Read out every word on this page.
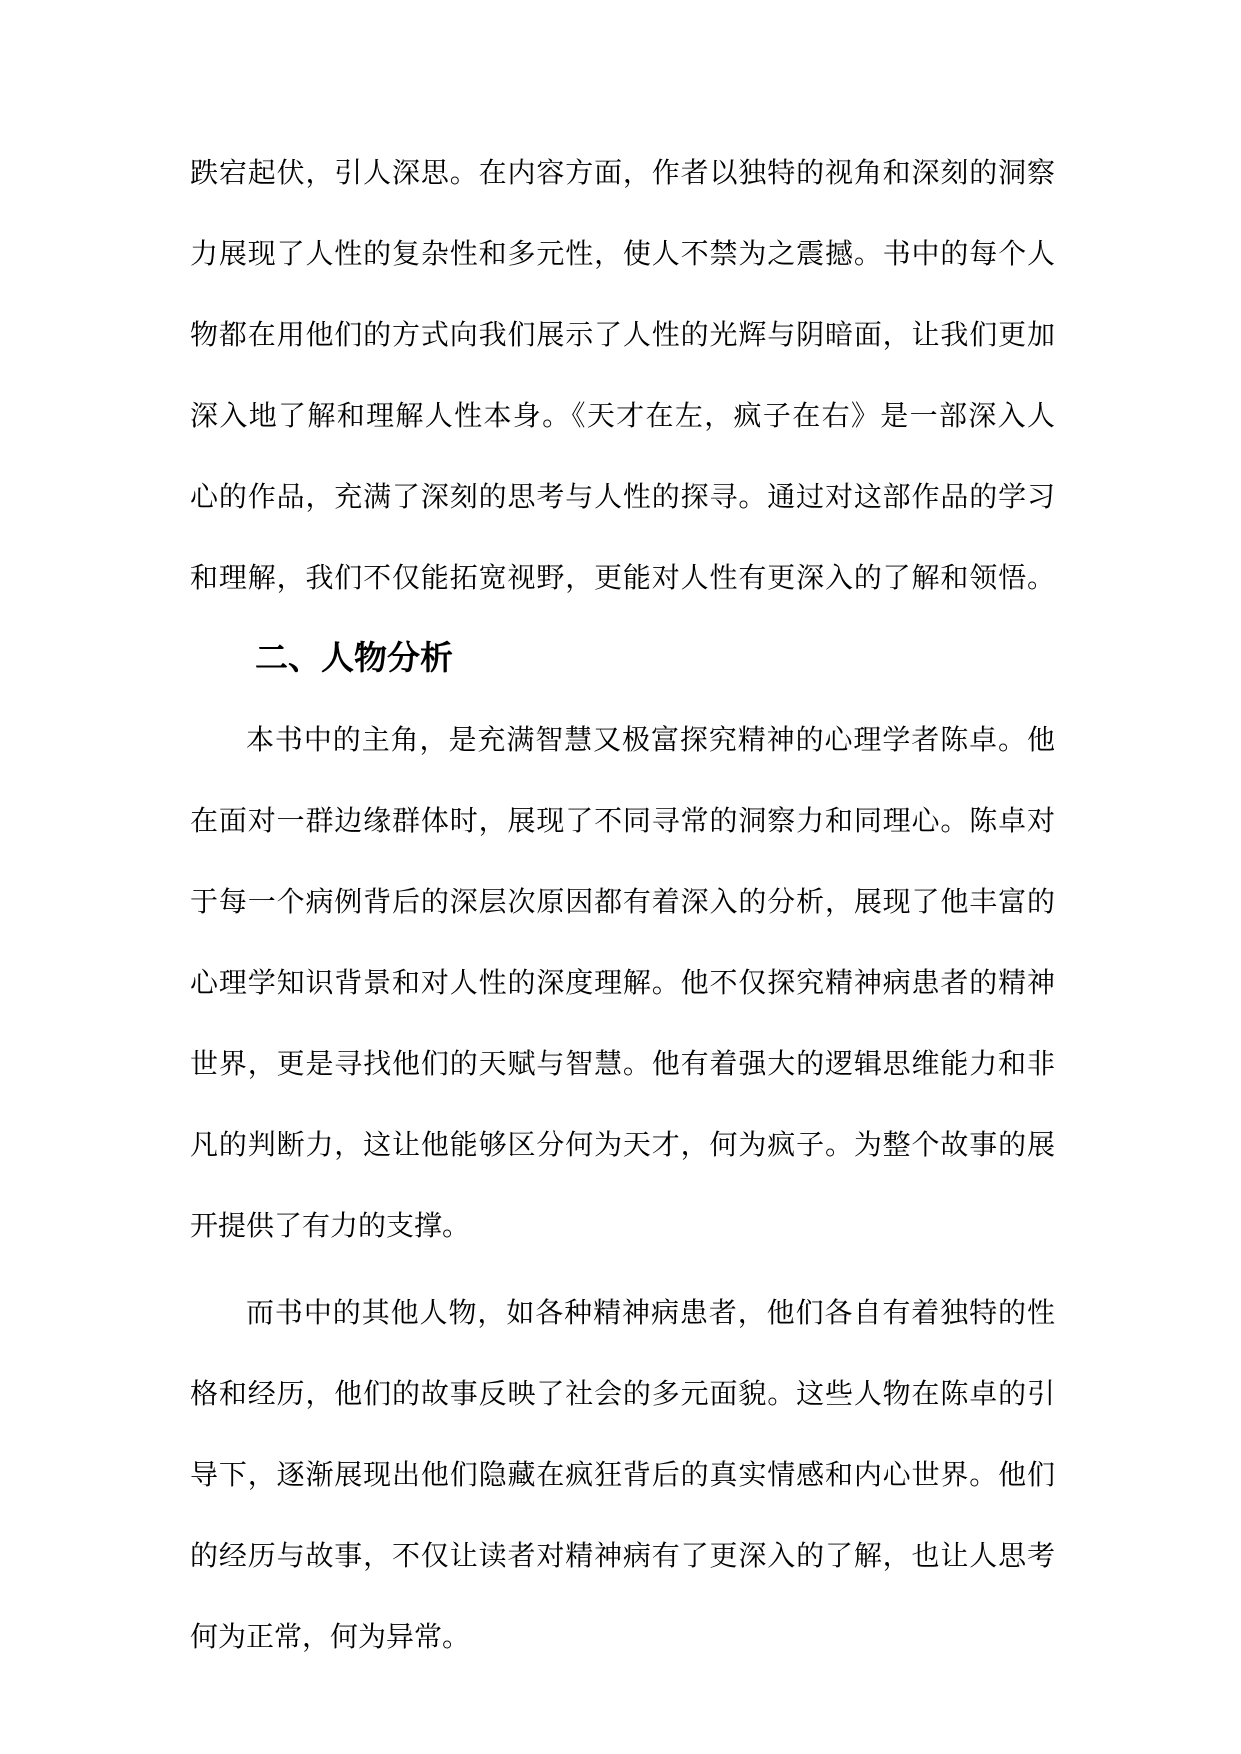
跌宕起伏，引人深思。在内容方面，作者以独特的视角和深刻的洞察
力展现了人性的复杂性和多元性，使人不禁为之震撼。书中的每个人
物都在用他们的方式向我们展示了人性的光辉与阴暗面，让我们更加
深入地了解和理解人性本身。《天才在左，疯子在右》是一部深入人
心的作品，充满了深刻的思考与人性的探寻。通过对这部作品的学习
和理解，我们不仅能拓宽视野，更能对人性有更深入的了解和领悟。
二、人物分析
本书中的主角，是充满智慧又极富探究精神的心理学者陈卓。他
在面对一群边缘群体时，展现了不同寻常的洞察力和同理心。陈卓对
于每一个病例背后的深层次原因都有着深入的分析，展现了他丰富的
心理学知识背景和对人性的深度理解。他不仅探究精神病患者的精神
世界，更是寻找他们的天赋与智慧。他有着强大的逻辑思维能力和非
凡的判断力，这让他能够区分何为天才，何为疯子。为整个故事的展
开提供了有力的支撑。
而书中的其他人物，如各种精神病患者，他们各自有着独特的性
格和经历，他们的故事反映了社会的多元面貌。这些人物在陈卓的引
导下，逐渐展现出他们隐藏在疯狂背后的真实情感和内心世界。他们
的经历与故事，不仅让读者对精神病有了更深入的了解，也让人思考
何为正常，何为异常。
